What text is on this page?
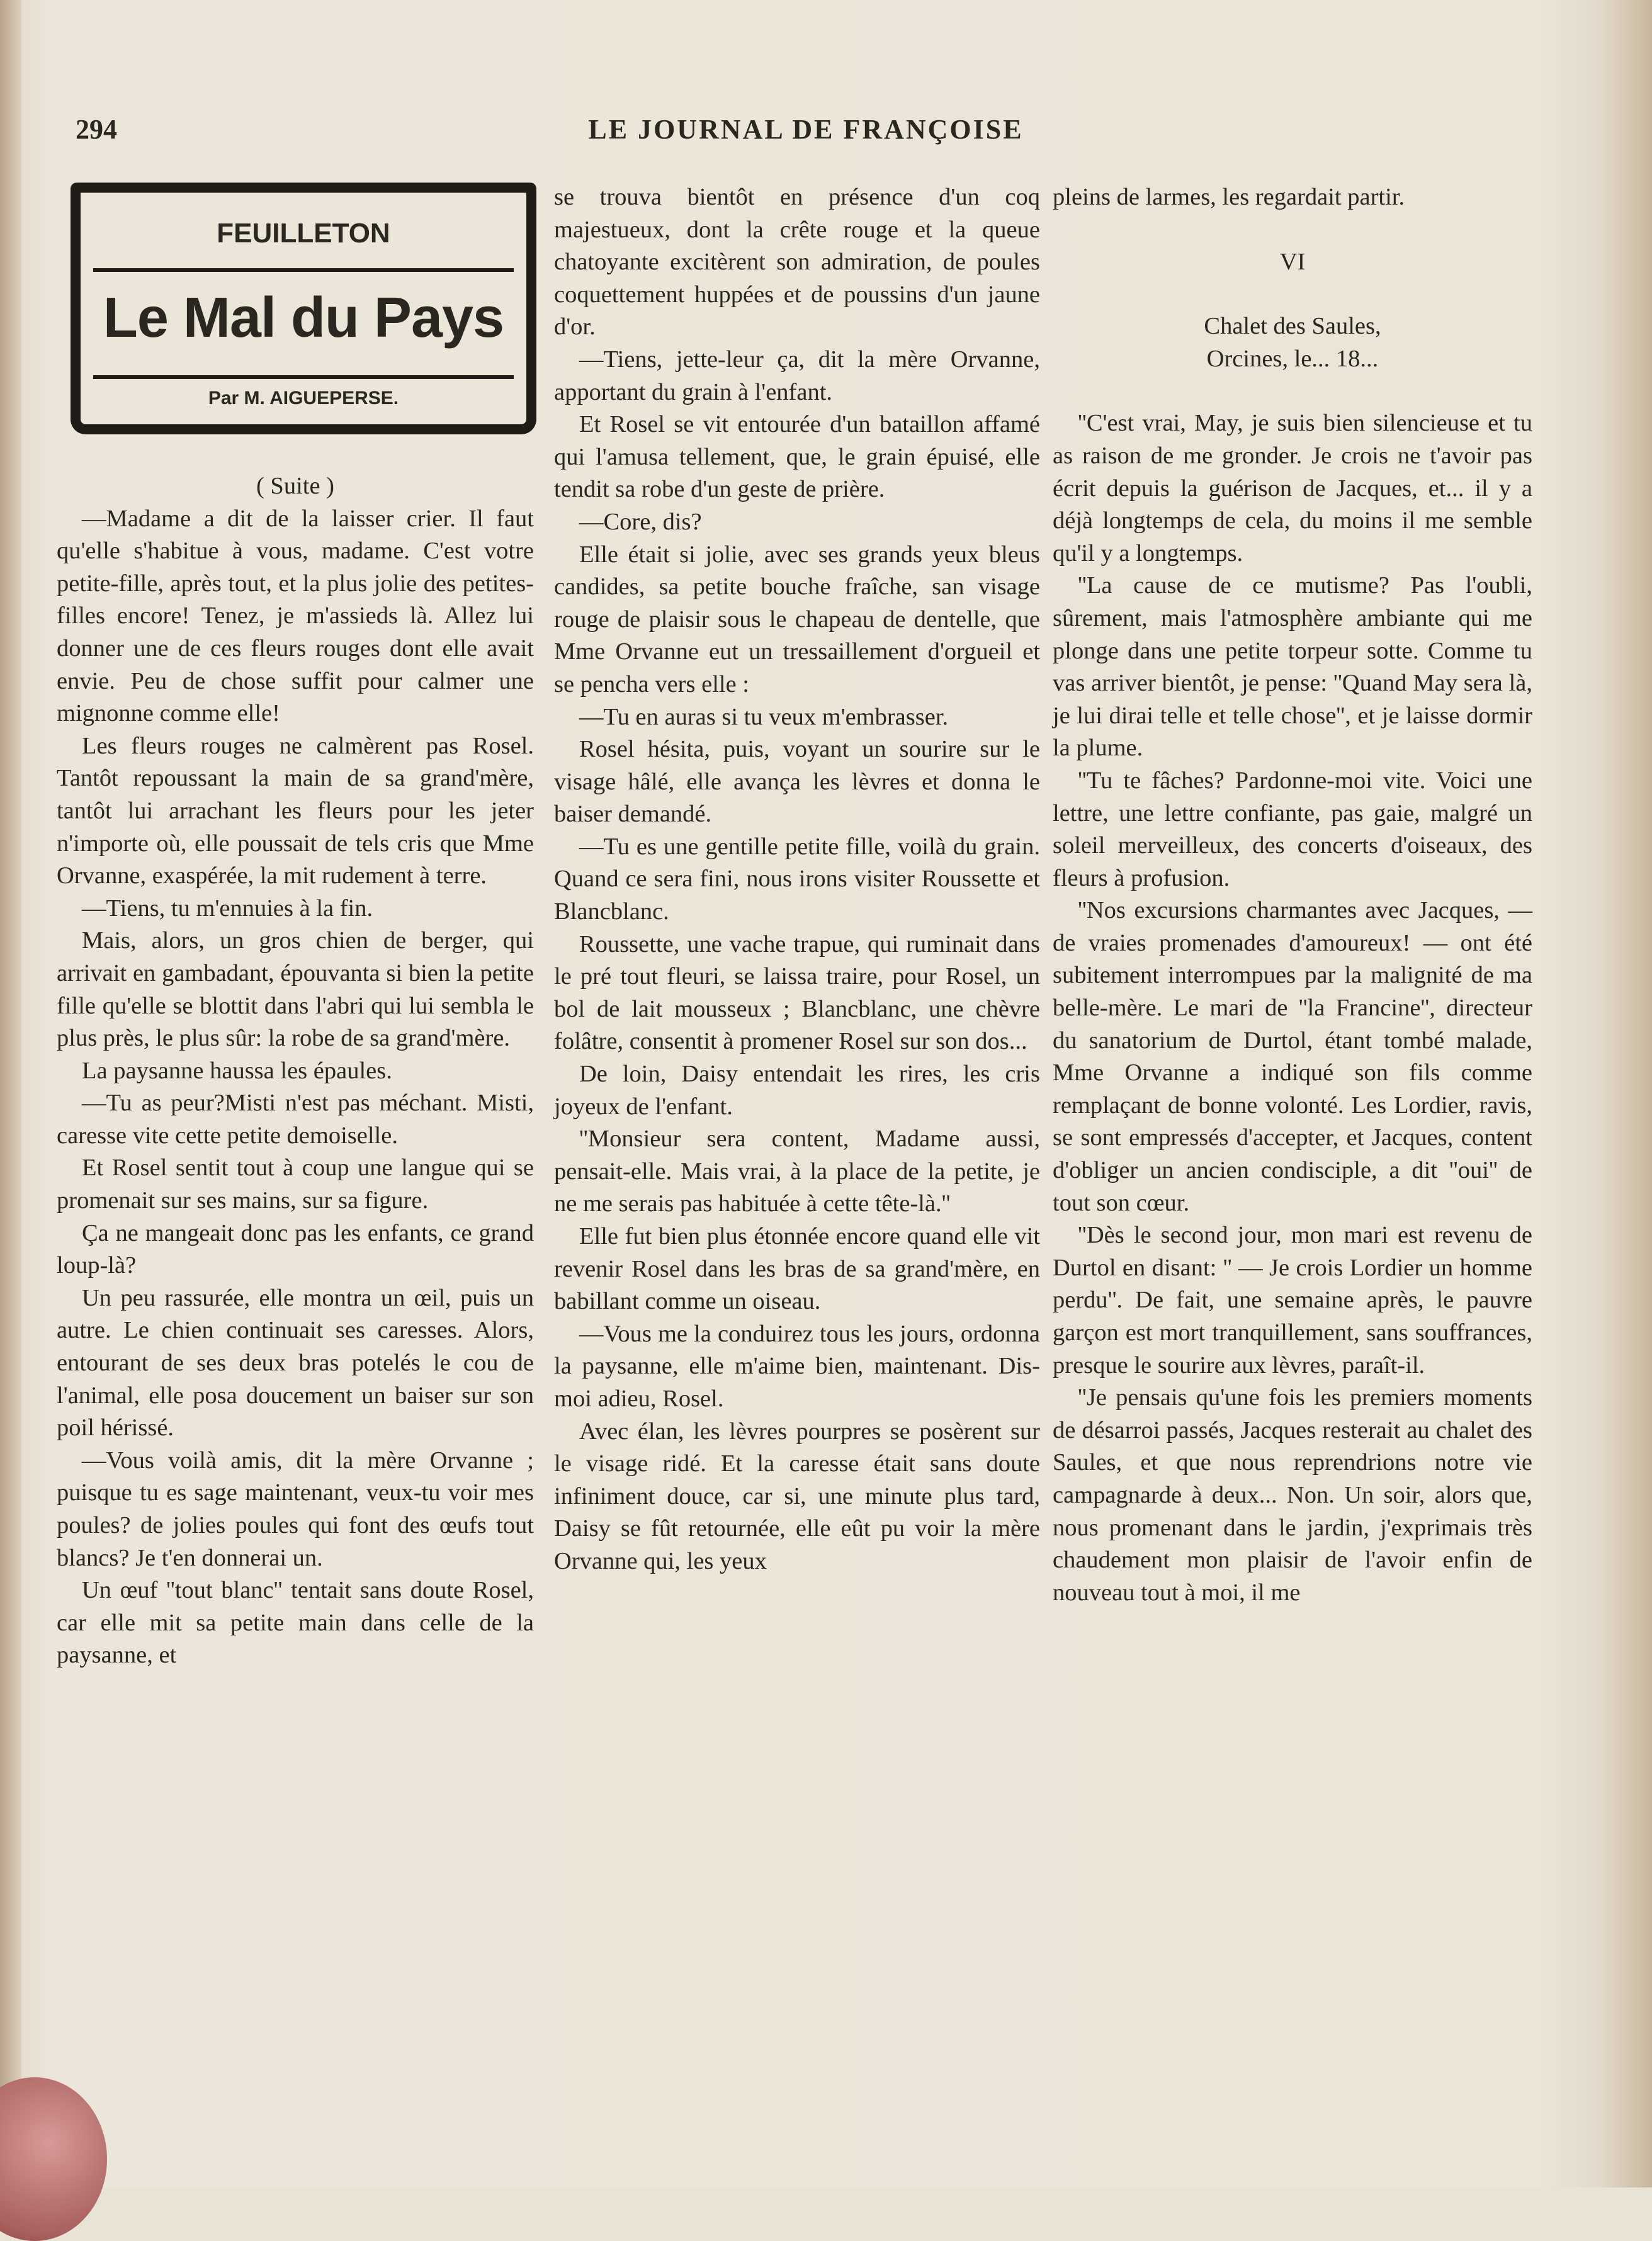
294	LE JOURNAL DE FRANÇOISE
FEUILLETON
Le Mal du Pays
Par M. AIGUEPERSE.

( Suite )

—Madame a dit de la laisser crier. Il faut qu'elle s'habitue à vous, madame. C'est votre petite-fille, après tout, et la plus jolie des petites-filles encore! Tenez, je m'assieds là. Allez lui donner une de ces fleurs rouges dont elle avait envie. Peu de chose suffit pour calmer une mignonne comme elle!

Les fleurs rouges ne calmèrent pas Rosel. Tantôt repoussant la main de sa grand'mère, tantôt lui arrachant les fleurs pour les jeter n'importe où, elle poussait de tels cris que Mme Orvanne, exaspérée, la mit rudement à terre.

—Tiens, tu m'ennuies à la fin.

Mais, alors, un gros chien de berger, qui arrivait en gambadant, épouvanta si bien la petite fille qu'elle se blottit dans l'abri qui lui sembla le plus près, le plus sûr: la robe de sa grand'mère.

La paysanne haussa les épaules.

—Tu as peur?Misti n'est pas méchant. Misti, caresse vite cette petite demoiselle.

Et Rosel sentit tout à coup une langue qui se promenait sur ses mains, sur sa figure.

Ça ne mangeait donc pas les enfants, ce grand loup-là?

Un peu rassurée, elle montra un œil, puis un autre. Le chien continuait ses caresses. Alors, entourant de ses deux bras potelés le cou de l'animal, elle posa doucement un baiser sur son poil hérissé.

—Vous voilà amis, dit la mère Orvanne ; puisque tu es sage maintenant, veux-tu voir mes poules? de jolies poules qui font des œufs tout blancs? Je t'en donnerai un.

Un œuf ''tout blanc'' tentait sans doute Rosel, car elle mit sa petite main dans celle de la paysanne, et

se trouva bientôt en présence d'un coq majestueux, dont la crête rouge et la queue chatoyante excitèrent son admiration, de poules coquettement huppées et de poussins d'un jaune d'or.

—Tiens, jette-leur ça, dit la mère Orvanne, apportant du grain à l'enfant.

Et Rosel se vit entourée d'un bataillon affamé qui l'amusa tellement, que, le grain épuisé, elle tendit sa robe d'un geste de prière.

—Core, dis?

Elle était si jolie, avec ses grands yeux bleus candides, sa petite bouche fraîche, san visage rouge de plaisir sous le chapeau de dentelle, que Mme Orvanne eut un tressaillement d'orgueil et se pencha vers elle :

—Tu en auras si tu veux m'embrasser.

Rosel hésita, puis, voyant un sourire sur le visage hâlé, elle avança les lèvres et donna le baiser demandé.

—Tu es une gentille petite fille, voilà du grain. Quand ce sera fini, nous irons visiter Roussette et Blancblanc.

Roussette, une vache trapue, qui ruminait dans le pré tout fleuri, se laissa traire, pour Rosel, un bol de lait mousseux ; Blancblanc, une chèvre folâtre, consentit à promener Rosel sur son dos...

De loin, Daisy entendait les rires, les cris joyeux de l'enfant.

''Monsieur sera content, Madame aussi, pensait-elle. Mais vrai, à la place de la petite, je ne me serais pas habituée à cette tête-là.''

Elle fut bien plus étonnée encore quand elle vit revenir Rosel dans les bras de sa grand'mère, en babillant comme un oiseau.

—Vous me la conduirez tous les jours, ordonna la paysanne, elle m'aime bien, maintenant. Dis-moi adieu, Rosel.

Avec élan, les lèvres pourpres se posèrent sur le visage ridé. Et la caresse était sans doute infiniment douce, car si, une minute plus tard, Daisy se fût retournée, elle eût pu voir la mère Orvanne qui, les yeux

pleins de larmes, les regardait partir.

VI

Chalet des Saules,

Orcines, le... 18...

''C'est vrai, May, je suis bien silencieuse et tu as raison de me gronder. Je crois ne t'avoir pas écrit depuis la guérison de Jacques, et... il y a déjà longtemps de cela, du moins il me semble qu'il y a longtemps.

''La cause de ce mutisme? Pas l'oubli, sûrement, mais l'atmosphère ambiante qui me plonge dans une petite torpeur sotte. Comme tu vas arriver bientôt, je pense: ''Quand May sera là, je lui dirai telle et telle chose'', et je laisse dormir la plume.

''Tu te fâches? Pardonne-moi vite. Voici une lettre, une lettre confiante, pas gaie, malgré un soleil merveilleux, des concerts d'oiseaux, des fleurs à profusion.

''Nos excursions charmantes avec Jacques, — de vraies promenades d'amoureux! — ont été subitement interrompues par la malignité de ma belle-mère. Le mari de ''la Francine'', directeur du sanatorium de Durtol, étant tombé malade, Mme Orvanne a indiqué son fils comme remplaçant de bonne volonté. Les Lordier, ravis, se sont empressés d'accepter, et Jacques, content d'obliger un ancien condisciple, a dit ''oui'' de tout son cœur.

''Dès le second jour, mon mari est revenu de Durtol en disant: '' — Je crois Lordier un homme perdu''. De fait, une semaine après, le pauvre garçon est mort tranquillement, sans souffrances, presque le sourire aux lèvres, paraît-il.

''Je pensais qu'une fois les premiers moments de désarroi passés, Jacques resterait au chalet des Saules, et que nous reprendrions notre vie campagnarde à deux... Non. Un soir, alors que, nous promenant dans le jardin, j'exprimais très chaudement mon plaisir de l'avoir enfin de nouveau tout à moi, il me
